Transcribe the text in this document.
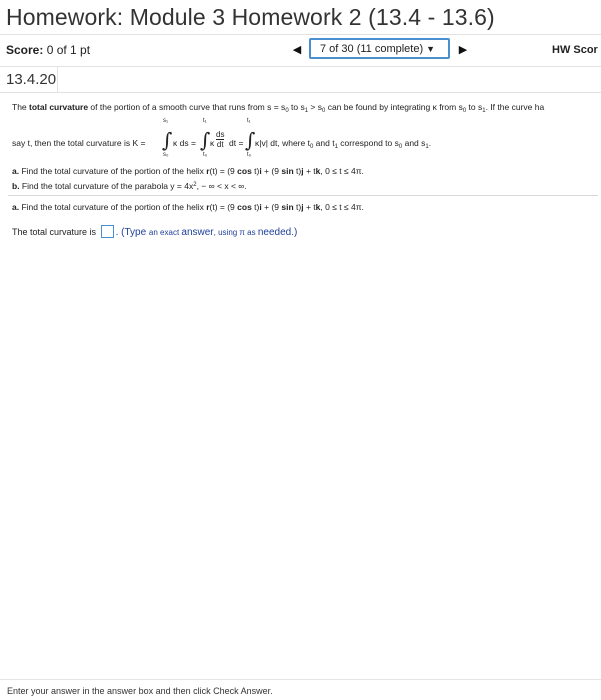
Homework: Module 3 Homework 2 (13.4 - 13.6)
Score: 0 of 1 pt	◀	7 of 30 (11 complete) ▼	▶	HW Scor
13.4.20
The total curvature of the portion of a smooth curve that runs from $s = s_0$ to $s_1 > s_0$ can be found by integrating κ from $s_0$ to $s_1$. If the curve ha
say t, then the total curvature is K =
s₁
∫
s₀
κ ds =
t₁
∫
t₀
κ
ds
dt dt =
t₁
∫
t₀
κ|v| dt, where $t_0$ and $t_1$ correspond to $s_0$ and $s_1$.
a. Find the total curvature of the portion of the helix r(t) = (9 cos t)i + (9 sin t)j + tk, 0 ≤ t ≤ 4π.
b. Find the total curvature of the parabola $y = 4x^2$, − ∞ < x < ∞.
a. Find the total curvature of the portion of the helix r(t) = (9 cos t)i + (9 sin t)j + tk, 0 ≤ t ≤ 4π.
The total curvature is . (Type an exact answer, using π as needed.)
Enter your answer in the answer box and then click Check Answer.
